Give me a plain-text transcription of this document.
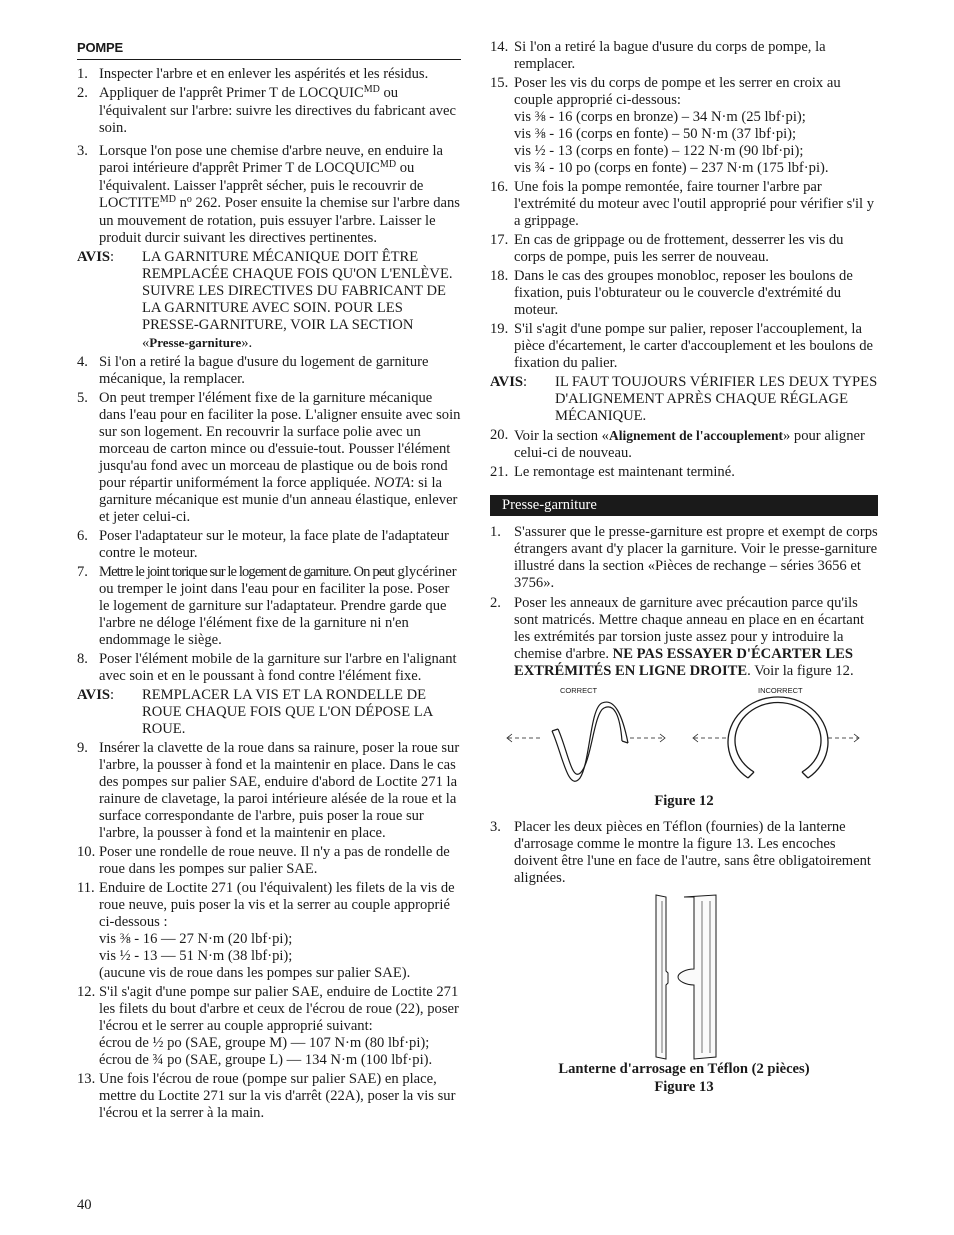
POMPE
1. Inspecter l'arbre et en enlever les aspérités et les résidus.
2. Appliquer de l'apprêt Primer T de $LOCQUIC^{MD}$ ou l'équivalent sur l'arbre: suivre les directives du fabricant avec soin.
3. Lorsque l'on pose une chemise d'arbre neuve, en enduire la paroi intérieure d'apprêt Primer T de $LOCQUIC^{MD}$ ou l'équivalent. Laisser l'apprêt sécher, puis le recouvrir de $LOCTITE^{MD}$ $n^o$ 262. Poser ensuite la chemise sur l'arbre dans un mouvement de rotation, puis essuyer l'arbre. Laisser le produit durcir suivant les directives pertinentes.
AVIS:	LA GARNITURE MÉCANIQUE DOIT ÊTRE REMPLACÉE CHAQUE FOIS QU'ON L'ENLÈVE. SUIVRE LES DIRECTIVES DU FABRICANT DE LA GARNITURE AVEC SOIN. POUR LES PRESSE-GARNITURE, VOIR LA SECTION «Presse-garniture».
4. Si l'on a retiré la bague d'usure du logement de garniture mécanique, la remplacer.
5. On peut tremper l'élément fixe de la garniture mécanique dans l'eau pour en faciliter la pose. L'aligner ensuite avec soin sur son logement. En recouvrir la surface polie avec un morceau de carton mince ou d'essuie-tout. Pousser l'élément jusqu'au fond avec un morceau de plastique ou de bois rond pour répartir uniformément la force appliquée. NOTA: si la garniture mécanique est munie d'un anneau élastique, enlever et jeter celui-ci.
6. Poser l'adaptateur sur le moteur, la face plate de l'adaptateur contre le moteur.
7. Mettre le joint torique sur le logement de garniture. On peut glycériner ou tremper le joint dans l'eau pour en faciliter la pose. Poser le logement de garniture sur l'adaptateur. Prendre garde que l'arbre ne déloge l'élément fixe de la garniture ni n'en endommage le siège.
8. Poser l'élément mobile de la garniture sur l'arbre en l'alignant avec soin et en le poussant à fond contre l'élément fixe.
AVIS:	REMPLACER LA VIS ET LA RONDELLE DE ROUE CHAQUE FOIS QUE L'ON DÉPOSE LA ROUE.
9. Insérer la clavette de la roue dans sa rainure, poser la roue sur l'arbre, la pousser à fond et la maintenir en place. Dans le cas des pompes sur palier SAE, enduire d'abord de Loctite 271 la rainure de clavetage, la paroi intérieure alésée de la roue et la surface correspondante de l'arbre, puis poser la roue sur l'arbre, la pousser à fond et la maintenir en place.
10. Poser une rondelle de roue neuve. Il n'y a pas de rondelle de roue dans les pompes sur palier SAE.
11. Enduire de Loctite 271 (ou l'équivalent) les filets de la vis de roue neuve, puis poser la vis et la serrer au couple approprié ci-dessous :
vis ⅜ - 16 — 27 N·m (20 lbf·pi);
vis ½ - 13 — 51 N·m (38 lbf·pi);
(aucune vis de roue dans les pompes sur palier SAE).
12. S'il s'agit d'une pompe sur palier SAE, enduire de Loctite 271 les filets du bout d'arbre et ceux de l'écrou de roue (22), poser l'écrou et le serrer au couple approprié suivant:
écrou de ½ po (SAE, groupe M) — 107 N·m (80 lbf·pi);
écrou de ¾ po (SAE, groupe L) — 134 N·m (100 lbf·pi).
13. Une fois l'écrou de roue (pompe sur palier SAE) en place, mettre du Loctite 271 sur la vis d'arrêt (22A), poser la vis sur l'écrou et la serrer à la main.
14. Si l'on a retiré la bague d'usure du corps de pompe, la remplacer.
15. Poser les vis du corps de pompe et les serrer en croix au couple approprié ci-dessous:
vis ⅜ - 16 (corps en bronze) – 34 N·m (25 lbf·pi);
vis ⅜ - 16 (corps en fonte) – 50 N·m (37 lbf·pi);
vis ½ - 13 (corps en fonte) – 122 N·m (90 lbf·pi);
vis ¾ - 10 po (corps en fonte) – 237 N·m (175 lbf·pi).
16. Une fois la pompe remontée, faire tourner l'arbre par l'extrémité du moteur avec l'outil approprié pour vérifier s'il y a grippage.
17. En cas de grippage ou de frottement, desserrer les vis du corps de pompe, puis les serrer de nouveau.
18. Dans le cas des groupes monobloc, reposer les boulons de fixation, puis l'obturateur ou le couvercle d'extrémité du moteur.
19. S'il s'agit d'une pompe sur palier, reposer l'accouplement, la pièce d'écartement, le carter d'accouplement et les boulons de fixation du palier.
AVIS:	IL FAUT TOUJOURS VÉRIFIER LES DEUX TYPES D'ALIGNEMENT APRÈS CHAQUE RÉGLAGE MÉCANIQUE.
20. Voir la section «Alignement de l'accouplement» pour aligner celui-ci de nouveau.
21. Le remontage est maintenant terminé.
Presse-garniture
1. S'assurer que le presse-garniture est propre et exempt de corps étrangers avant d'y placer la garniture. Voir le presse-garniture illustré dans la section «Pièces de rechange – séries 3656 et 3756».
2. Poser les anneaux de garniture avec précaution parce qu'ils sont matricés. Mettre chaque anneau en place en en écartant les extrémités par torsion juste assez pour y introduire la chemise d'arbre. NE PAS ESSAYER D'ÉCARTER LES EXTRÉMITÉS EN LIGNE DROITE. Voir la figure 12.
CORRECT	INCORRECT
Figure 12
3. Placer les deux pièces en Téflon (fournies) de la lanterne d'arrosage comme le montre la figure 13. Les encoches doivent être l'une en face de l'autre, sans être obligatoirement alignées.
Lanterne d'arrosage en Téflon (2 pièces)
Figure 13
40
